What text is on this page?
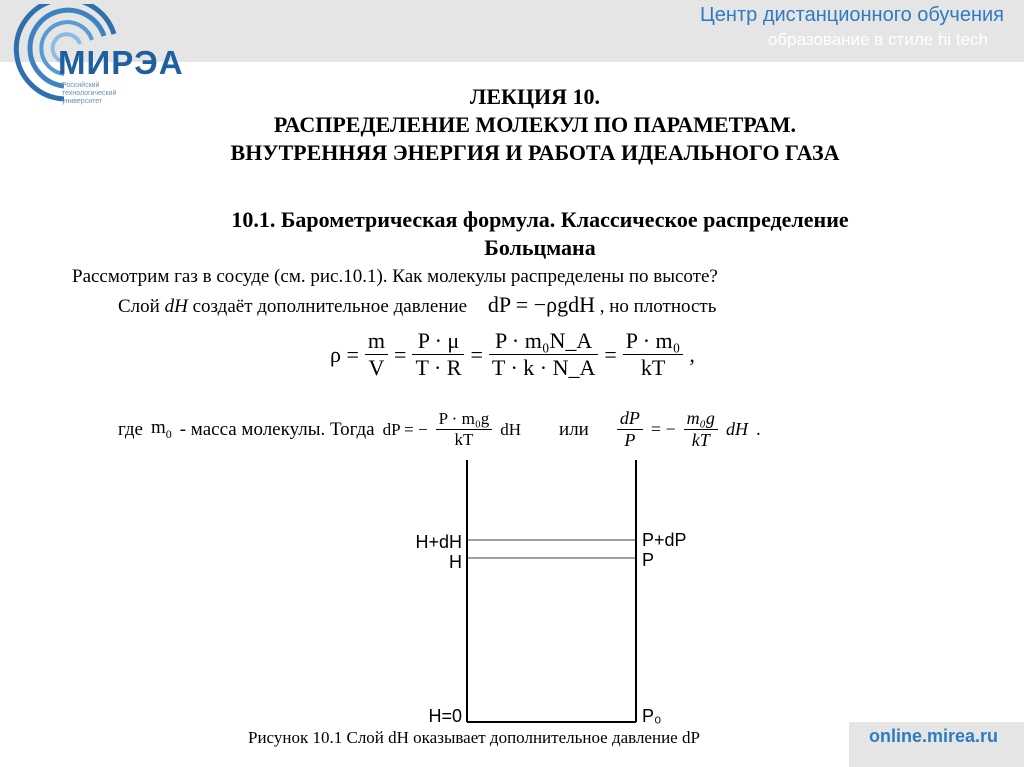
МИРЭА
Российский технологический университет
Центр дистанционного обучения
образование в стиле hi tech
ЛЕКЦИЯ 10.
РАСПРЕДЕЛЕНИЕ МОЛЕКУЛ ПО ПАРАМЕТРАМ.
ВНУТРЕННЯЯ ЭНЕРГИЯ И РАБОТА ИДЕАЛЬНОГО ГАЗА
10.1. Барометрическая формула. Классическое распределение
Больцмана
Рассмотрим газ в сосуде (см. рис.10.1). Как молекулы распределены по высоте?
Слой dH создаёт дополнительное давление dP = −ρgdH , но плотность
$\rho = \frac{m}{V} = \frac{P \cdot \mu}{T \cdot R} = \frac{\text{P · m₀N\_A}}{T \cdot k \cdot N\_A} = \frac{\text{P · m₀}}{kT}$ ,
где $m_0$ - масса молекулы. Тогда dP = − $\frac{\text{P · m₀g}}{kT}$ dH или $\frac{dP}{P}$ = − $\frac{\text{m₀g}}{kT}$ dH .
H+dH
H
H=0
P+dP
P
P₀
Рисунок 10.1 Слой dH оказывает дополнительное давление dP	online.mirea.ru
